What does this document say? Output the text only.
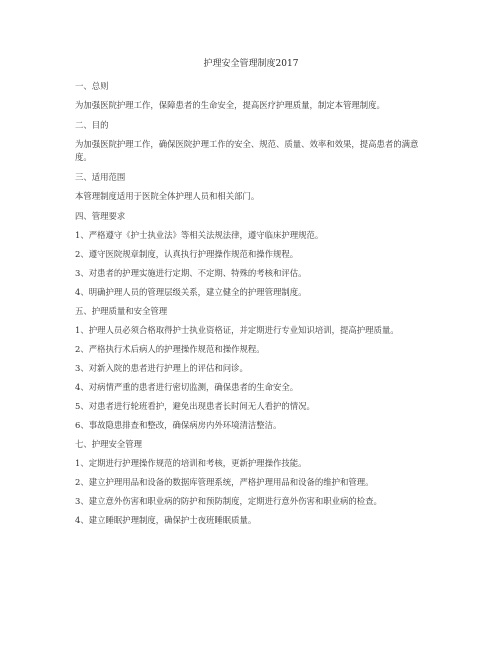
护理安全管理制度2017
一、总则
为加强医院护理工作，保障患者的生命安全，提高医疗护理质量，制定本管理制度。
二、目的
为加强医院护理工作，确保医院护理工作的安全、规范、质量、效率和效果，提高患者的满意度。
三、适用范围
本管理制度适用于医院全体护理人员和相关部门。
四、管理要求
1、严格遵守《护士执业法》等相关法规法律，遵守临床护理规范。
2、遵守医院规章制度，认真执行护理操作规范和操作规程。
3、对患者的护理实施进行定期、不定期、特殊的考核和评估。
4、明确护理人员的管理层级关系，建立健全的护理管理制度。
五、护理质量和安全管理
1、护理人员必须合格取得护士执业资格证，并定期进行专业知识培训，提高护理质量。
2、严格执行术后病人的护理操作规范和操作规程。
3、对新入院的患者进行护理上的评估和问诊。
4、对病情严重的患者进行密切监测，确保患者的生命安全。
5、对患者进行轮班看护，避免出现患者长时间无人看护的情况。
6、事故隐患排查和整改，确保病房内外环境清洁整洁。
七、护理安全管理
1、定期进行护理操作规范的培训和考核，更新护理操作技能。
2、建立护理用品和设备的数据库管理系统，严格护理用品和设备的维护和管理。
3、建立意外伤害和职业病的防护和预防制度，定期进行意外伤害和职业病的检查。
4、建立睡眠护理制度，确保护士夜班睡眠质量。
